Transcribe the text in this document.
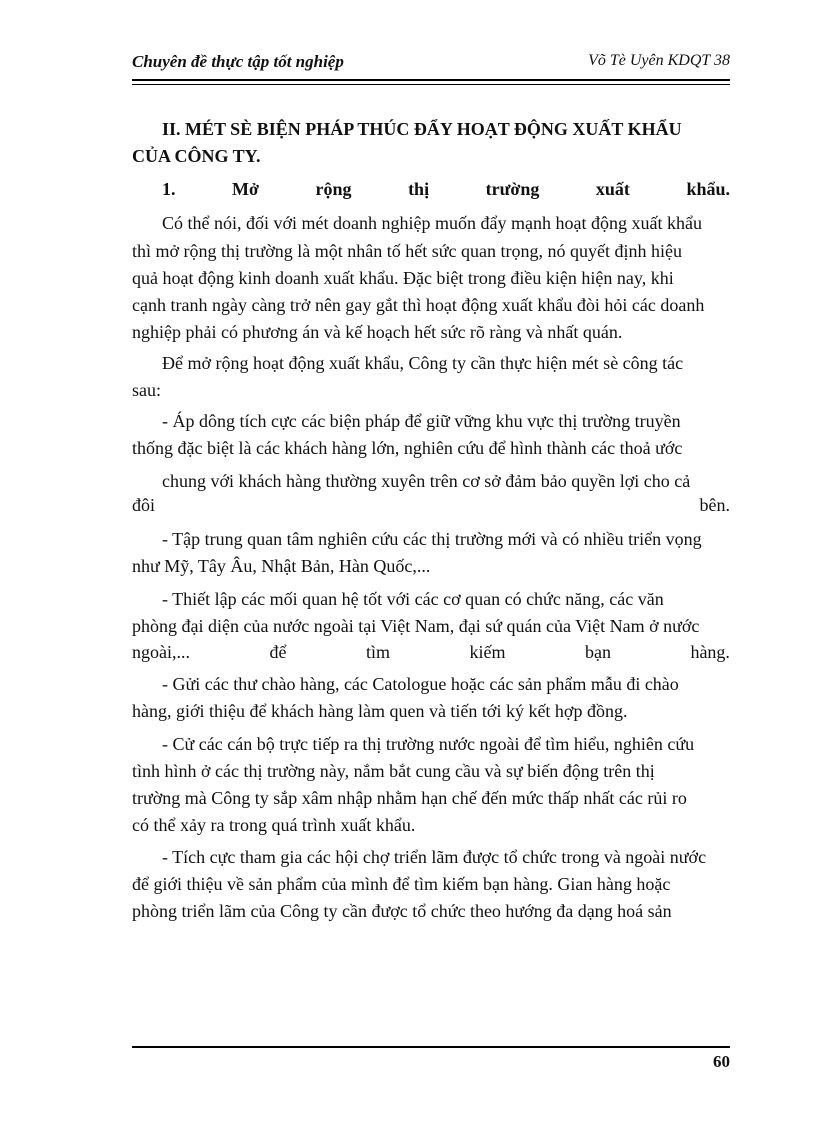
Chuyên đề thực tập tốt nghiệp	Võ Tè Uyên KDQT 38
II. MÉT SÈ BIỆN PHÁP THÚC ĐẨY HOẠT ĐỘNG XUẤT KHẨU
CỦA CÔNG TY.
1.	Mở	rộng	thị	trường	xuất	khẩu.
Có thể nói, đối với mét doanh nghiệp muốn đẩy mạnh hoạt động xuất khẩu
thì mở rộng thị trường là một nhân tố hết sức quan trọng, nó quyết định hiệu
quả hoạt động kinh doanh xuất khẩu. Đặc biệt trong điều kiện hiện nay, khi
cạnh tranh ngày càng trở nên gay gắt thì hoạt động xuất khẩu đòi hỏi các doanh
nghiệp phải có phương án và kế hoạch hết sức rõ ràng và nhất quán.
Để mở rộng hoạt động xuất khẩu, Công ty cần thực hiện mét sè công tác
sau:
- Áp dông tích cực các biện pháp để giữ vững khu vực thị trường truyền
thống đặc biệt là các khách hàng lớn, nghiên cứu để hình thành các thoả ước
chung với khách hàng thường xuyên trên cơ sở đảm bảo quyền lợi cho cả
đôi	bên.
- Tập trung quan tâm nghiên cứu các thị trường mới và có nhiều triển vọng
như Mỹ, Tây Âu, Nhật Bản, Hàn Quốc,...
- Thiết lập các mối quan hệ tốt với các cơ quan có chức năng, các văn
phòng đại diện của nước ngoài tại Việt Nam, đại sứ quán của Việt Nam ở nước
ngoài,...	để	tìm	kiếm	bạn	hàng.
- Gửi các thư chào hàng, các Catologue hoặc các sản phẩm mẫu đi chào
hàng, giới thiệu để khách hàng làm quen và tiến tới ký kết hợp đồng.
- Cử các cán bộ trực tiếp ra thị trường nước ngoài để tìm hiểu, nghiên cứu
tình hình ở các thị trường này, nắm bắt cung cầu và sự biến động trên thị
trường mà Công ty sắp xâm nhập nhằm hạn chế đến mức thấp nhất các rủi ro
có thể xảy ra trong quá trình xuất khẩu.
- Tích cực tham gia các hội chợ triển lãm được tổ chức trong và ngoài nước
để giới thiệu về sản phẩm của mình để tìm kiếm bạn hàng. Gian hàng hoặc
phòng triển lãm của Công ty cần được tổ chức theo hướng đa dạng hoá sản
60
